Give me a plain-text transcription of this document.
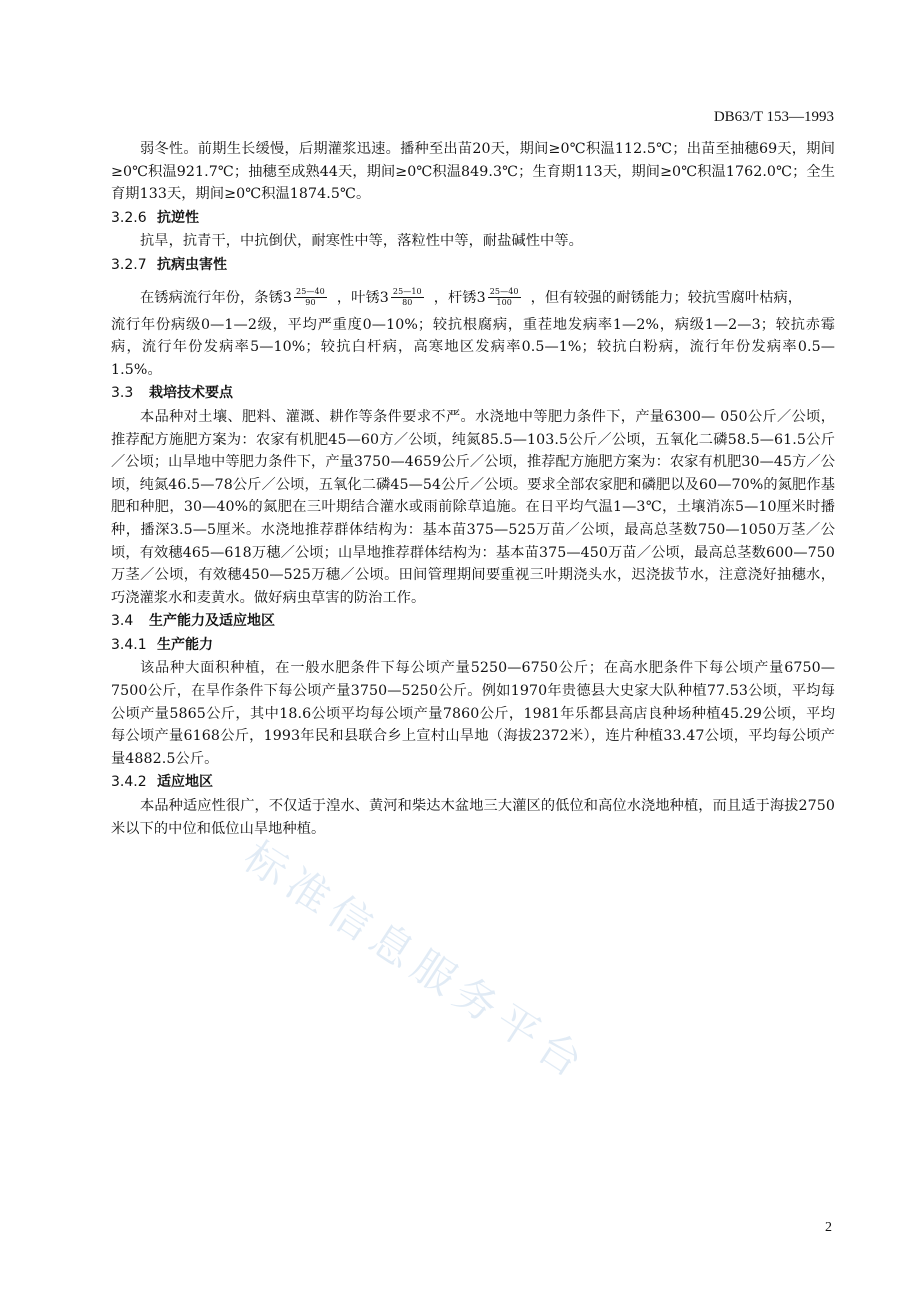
DB63/T 153—1993

弱冬性。前期生长缓慢，后期灌浆迅速。播种至出苗20天，期间≥0℃积温112.5℃；出苗至抽穗69天，期间≥0℃积温921.7℃；抽穗至成熟44天，期间≥0℃积温849.3℃；生育期113天，期间≥0℃积温1762.0℃；全生育期133天，期间≥0℃积温1874.5℃。

3.2.6 抗逆性

抗旱，抗青干，中抗倒伏，耐寒性中等，落粒性中等，耐盐碱性中等。

3.2.7 抗病虫害性

在锈病流行年份，条锈$3 \frac{25—40}{90}$ ，叶锈$3 \frac{25—10}{80}$ ，杆锈$3 \frac{25—40}{100}$ ，但有较强的耐锈能力；较抗雪腐叶枯病，

流行年份病级0—1—2级，平均严重度0—10%；较抗根腐病，重茬地发病率1—2%，病级1—2—3；较抗赤霉病，流行年份发病率5—10%；较抗白杆病，高寒地区发病率0.5—1%；较抗白粉病，流行年份发病率0.5—1.5%。

3.3 栽培技术要点

本品种对土壤、肥料、灌溉、耕作等条件要求不严。水浇地中等肥力条件下，产量6300— 050公斤／公顷，推荐配方施肥方案为：农家有机肥45—60方／公顷，纯氮85.5—103.5公斤／公顷，五氧化二磷58.5—61.5公斤／公顷；山旱地中等肥力条件下，产量3750—4659公斤／公顷，推荐配方施肥方案为：农家有机肥30—45方／公顷，纯氮46.5—78公斤／公顷，五氧化二磷45—54公斤／公顷。要求全部农家肥和磷肥以及60—70%的氮肥作基肥和种肥，30—40%的氮肥在三叶期结合灌水或雨前除草追施。在日平均气温1—3℃，土壤消冻5—10厘米时播种，播深3.5—5厘米。水浇地推荐群体结构为：基本苗375—525万苗／公顷，最高总茎数750—1050万茎／公顷，有效穗465—618万穗／公顷；山旱地推荐群体结构为：基本苗375—450万苗／公顷，最高总茎数600—750万茎／公顷，有效穗450—525万穗／公顷。田间管理期间要重视三叶期浇头水，迟浇拔节水，注意浇好抽穗水，巧浇灌浆水和麦黄水。做好病虫草害的防治工作。

3.4 生产能力及适应地区
3.4.1 生产能力

该品种大面积种植，在一般水肥条件下每公顷产量5250—6750公斤；在高水肥条件下每公顷产量6750—7500公斤，在旱作条件下每公顷产量3750—5250公斤。例如1970年贵德县大史家大队种植77.53公顷，平均每公顷产量5865公斤，其中18.6公顷平均每公顷产量7860公斤，1981年乐都县高店良种场种植45.29公顷，平均每公顷产量6168公斤，1993年民和县联合乡上宣村山旱地（海拔2372米），连片种植33.47公顷，平均每公顷产量4882.5公斤。

3.4.2 适应地区

本品种适应性很广，不仅适于湟水、黄河和柴达木盆地三大灌区的低位和高位水浇地种植，而且适于海拔2750米以下的中位和低位山旱地种植。

标准信息服务平台
2
